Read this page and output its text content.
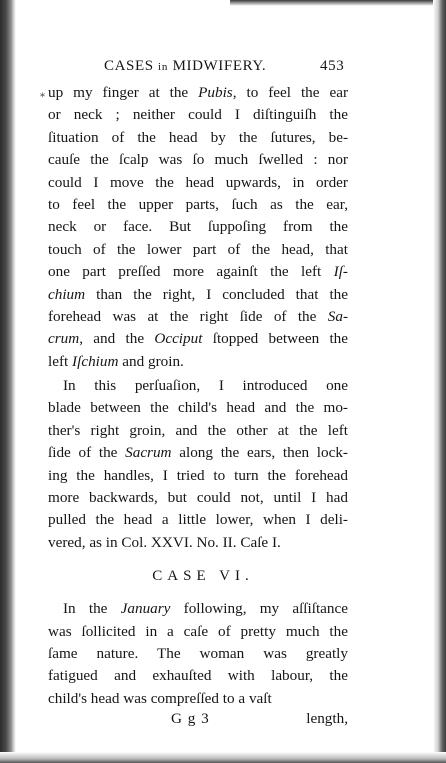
*
CASES in MIDWIFERY.	453
up my finger at the Pubis, to feel the ear
or neck ; neither could I diſtinguiſh the
ſituation of the head by the ſutures, be-
cauſe the ſcalp was ſo much ſwelled : nor
could I move the head upwards, in order
to feel the upper parts, ſuch as the ear,
neck or face. But ſuppoſing from the
touch of the lower part of the head, that
one part preſſed more againſt the left Iſ-
chium than the right, I concluded that the
forehead was at the right ſide of the Sa-
crum, and the Occiput ſtopped between the
left Iſchium and groin.
In this perſuaſion, I introduced one
blade between the child's head and the mo-
ther's right groin, and the other at the left
ſide of the Sacrum along the ears, then lock-
ing the handles, I tried to turn the forehead
more backwards, but could not, until I had
pulled the head a little lower, when I deli-
vered, as in Col. XXVI. No. II. Caſe I.
CASE VI.
In the January following, my aſſiſtance
was ſollicited in a caſe of pretty much the
ſame nature. The woman was greatly
fatigued and exhauſted with labour, the
child's head was compreſſed to a vaſt
G g 3	length,
